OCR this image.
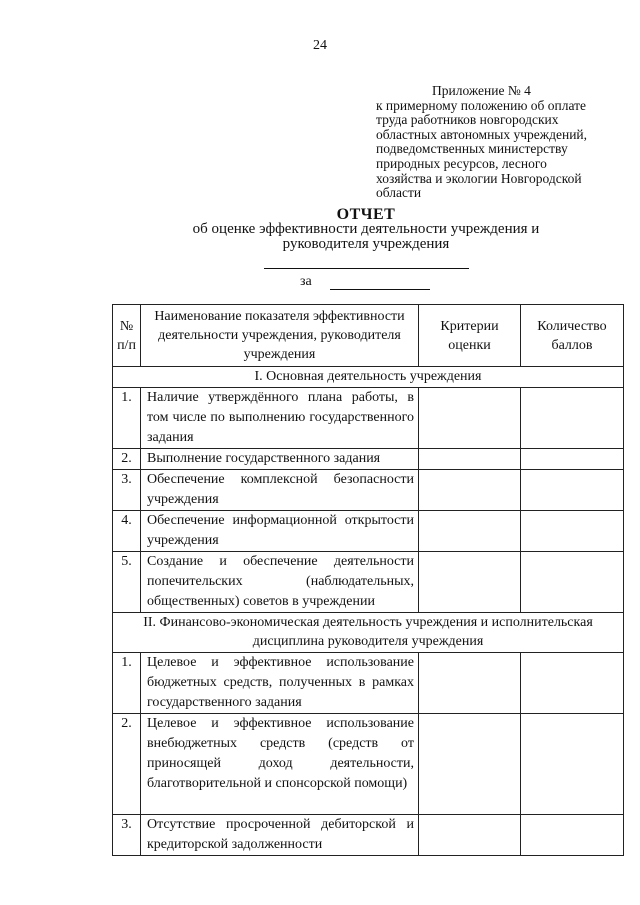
24
Приложение № 4
к примерному положению об оплате
труда работников новгородских
областных автономных учреждений,
подведомственных министерству
природных ресурсов, лесного
хозяйства и экологии Новгородской
области
ОТЧЕТ
об оценке эффективности деятельности учреждения и руководителя учреждения
за
№ п/п	Наименование показателя эффективности деятельности учреждения, руководителя учреждения	Критерии оценки	Количество баллов
I. Основная деятельность учреждения			
1.	Наличие утверждённого плана работы, в том числе по выполнению государственного задания		
2.	Выполнение государственного задания		
3.	Обеспечение комплексной безопасности учреждения		
4.	Обеспечение информационной открытости учреждения		
5.	Создание и обеспечение деятельности попечительских (наблюдательных, общественных) советов в учреждении		
II. Финансово-экономическая деятельность учреждения и исполнительская дисциплина руководителя учреждения			
1.	Целевое и эффективное использование бюджетных средств, полученных в рамках государственного задания		
2.	Целевое и эффективное использование внебюджетных средств (средств от приносящей доход деятельности, благотворительной и спонсорской помощи)		
3.	Отсутствие просроченной дебиторской и кредиторской задолженности		
